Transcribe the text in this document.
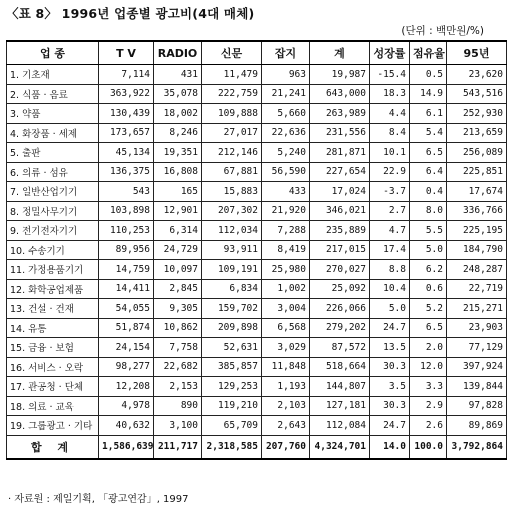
〈표 8〉 1996년 업종별 광고비(4대 매체)
(단위 : 백만원/%)
업 종	T V	RADIO	신문	잡지	계	성장률	점유율	95년
1. 기초재	7,114	431	11,479	963	19,987	-15.4	0.5	23,620
2. 식품 · 음료	363,922	35,078	222,759	21,241	643,000	18.3	14.9	543,516
3. 약품	130,439	18,002	109,888	5,660	263,989	4.4	6.1	252,930
4. 화장품 · 세제	173,657	8,246	27,017	22,636	231,556	8.4	5.4	213,659
5. 출판	45,134	19,351	212,146	5,240	281,871	10.1	6.5	256,089
6. 의류 · 섬유	136,375	16,808	67,881	56,590	227,654	22.9	6.4	225,851
7. 일반산업기기	543	165	15,883	433	17,024	-3.7	0.4	17,674
8. 정밀사무기기	103,898	12,901	207,302	21,920	346,021	2.7	8.0	336,766
9. 전기전자기기	110,253	6,314	112,034	7,288	235,889	4.7	5.5	225,195
10. 수송기기	89,956	24,729	93,911	8,419	217,015	17.4	5.0	184,790
11. 가정용품기기	14,759	10,097	109,191	25,980	270,027	8.8	6.2	248,287
12. 화학공업제품	14,411	2,845	6,834	1,002	25,092	10.4	0.6	22,719
13. 건설 · 건재	54,055	9,305	159,702	3,004	226,066	5.0	5.2	215,271
14. 유통	51,874	10,862	209,898	6,568	279,202	24.7	6.5	23,903
15. 금융 · 보험	24,154	7,758	52,631	3,029	87,572	13.5	2.0	77,129
16. 서비스 · 오락	98,277	22,682	385,857	11,848	518,664	30.3	12.0	397,924
17. 관공청 · 단체	12,208	2,153	129,253	1,193	144,807	3.5	3.3	139,844
18. 의료 · 교육	4,978	890	119,210	2,103	127,181	30.3	2.9	97,828
19. 그룹광고 · 기타	40,632	3,100	65,709	2,643	112,084	24.7	2.6	89,869
합 계	1,586,639	211,717	2,318,585	207,760	4,324,701	14.0	100.0	3,792,864
· 자료원 : 제일기획, 「광고연감」, 1997
